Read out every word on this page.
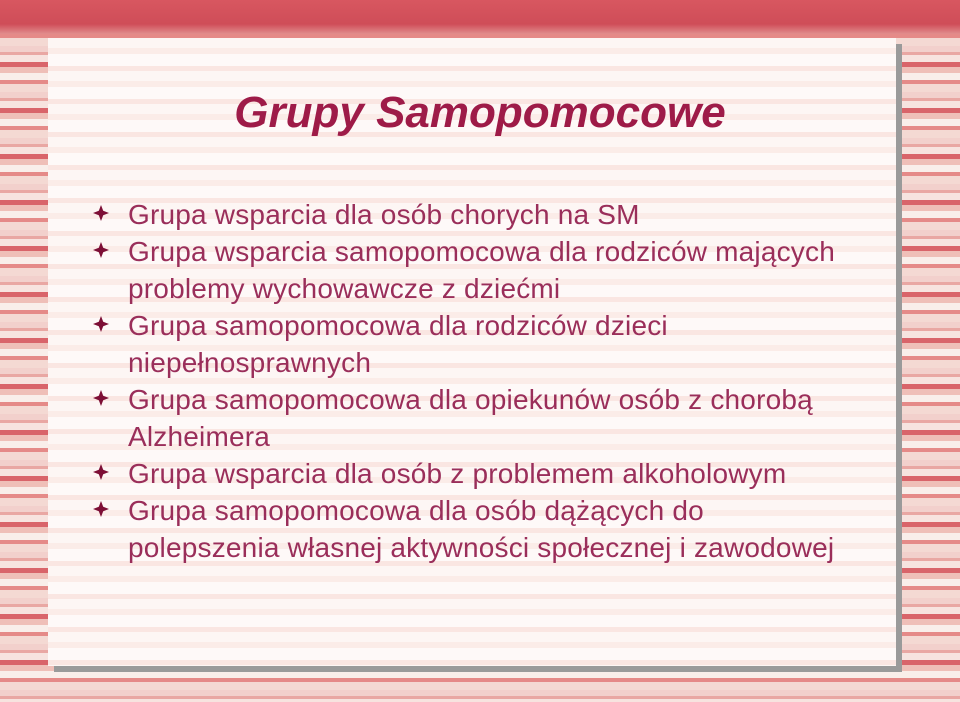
Grupy Samopomocowe
Grupa wsparcia dla osób chorych na SM
Grupa wsparcia samopomocowa dla rodziców mających problemy wychowawcze z dziećmi
Grupa samopomocowa dla rodziców dzieci niepełnosprawnych
Grupa samopomocowa dla opiekunów osób z chorobą Alzheimera
Grupa wsparcia dla osób z problemem alkoholowym
Grupa samopomocowa dla osób dążących do polepszenia własnej aktywności społecznej i zawodowej
